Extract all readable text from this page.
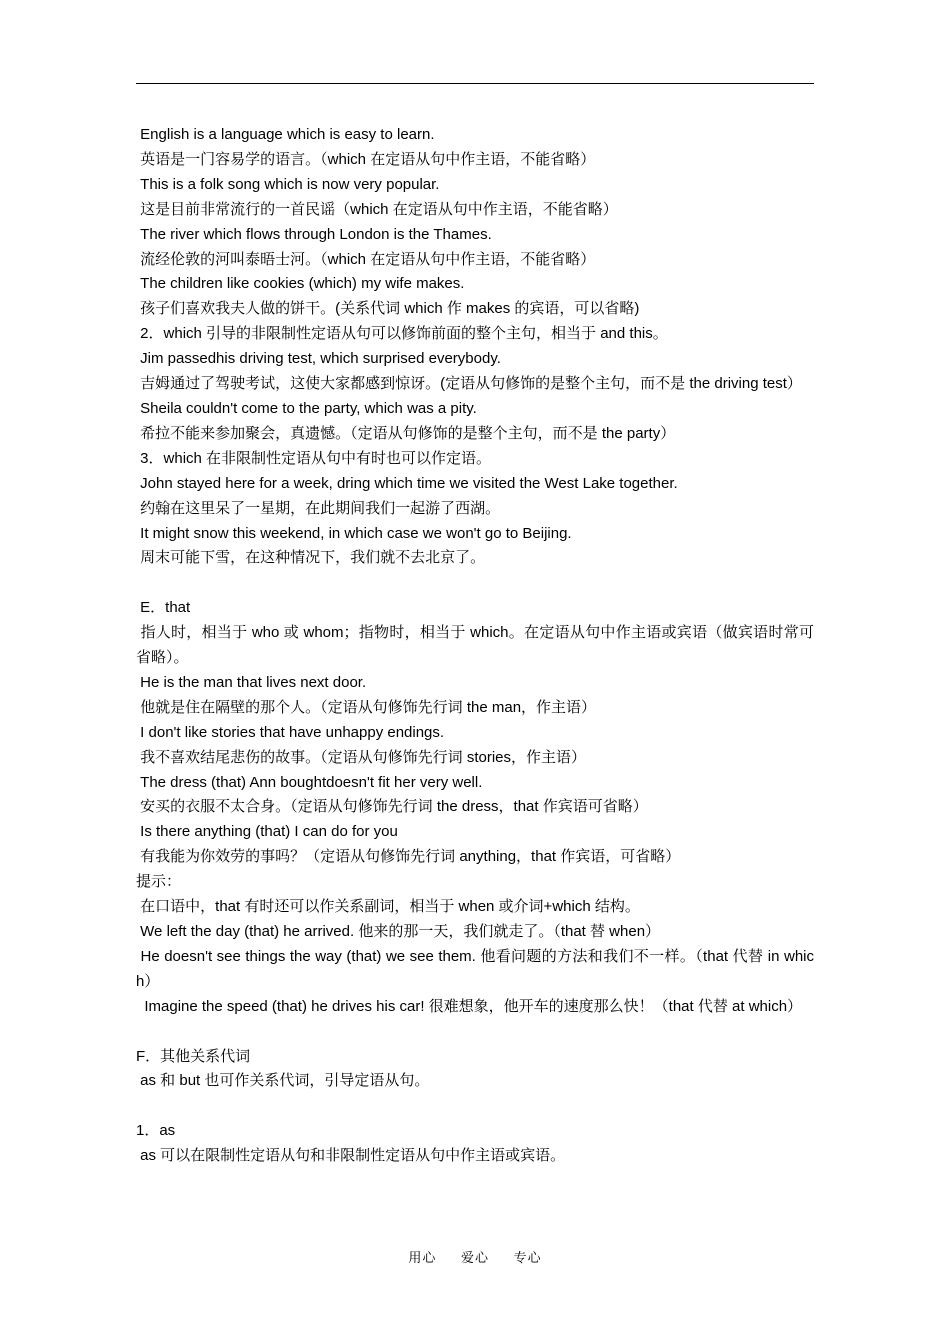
English is a language which is easy to learn.
英语是一门容易学的语言。（which 在定语从句中作主语，不能省略）
This is a folk song which is now very popular.
这是目前非常流行的一首民谣（which 在定语从句中作主语，不能省略）
The river which flows through London is the Thames.
流经伦敦的河叫泰晤士河。（which 在定语从句中作主语，不能省略）
The children like cookies (which) my wife makes.
孩子们喜欢我夫人做的饼干。(关系代词 which 作 makes 的宾语，可以省略)
2．which 引导的非限制性定语从句可以修饰前面的整个主句，相当于 and this。
Jim passedhis driving test, which surprised everybody.
吉姆通过了驾驶考试，这使大家都感到惊讶。(定语从句修饰的是整个主句，而不是 the driving test）
Sheila couldn't come to the party, which was a pity.
希拉不能来参加聚会，真遗憾。（定语从句修饰的是整个主句，而不是 the party）
3．which 在非限制性定语从句中有时也可以作定语。
John stayed here for a week, dring which time we visited the West Lake together.
约翰在这里呆了一星期，在此期间我们一起游了西湖。
It might snow this weekend, in which case we won't go to Beijing.
周末可能下雪，在这种情况下，我们就不去北京了。
E．that
指人时，相当于 who 或 whom；指物时，相当于 which。在定语从句中作主语或宾语（做宾语时常可省略）。
He is the man that lives next door.
他就是住在隔壁的那个人。（定语从句修饰先行词 the man，作主语）
I don't like stories that have unhappy endings.
我不喜欢结尾悲伤的故事。（定语从句修饰先行词 stories，作主语）
The dress (that) Ann boughtdoesn't fit her very well.
安买的衣服不太合身。（定语从句修饰先行词 the dress，that 作宾语可省略）
Is there anything (that) I can do for you
有我能为你效劳的事吗？（定语从句修饰先行词 anything，that 作宾语，可省略）
提示：
在口语中，that 有时还可以作关系副词，相当于 when 或介词+which 结构。
We left the day (that) he arrived. 他来的那一天，我们就走了。（that 替 when）
He doesn't see things the way (that) we see them. 他看问题的方法和我们不一样。（that 代替 in which）
Imagine the speed (that) he drives his car! 很难想象，他开车的速度那么快！（that 代替 at which）
F．其他关系代词
as 和 but 也可作关系代词，引导定语从句。
1．as
as 可以在限制性定语从句和非限制性定语从句中作主语或宾语。
用心 爱心 专心
